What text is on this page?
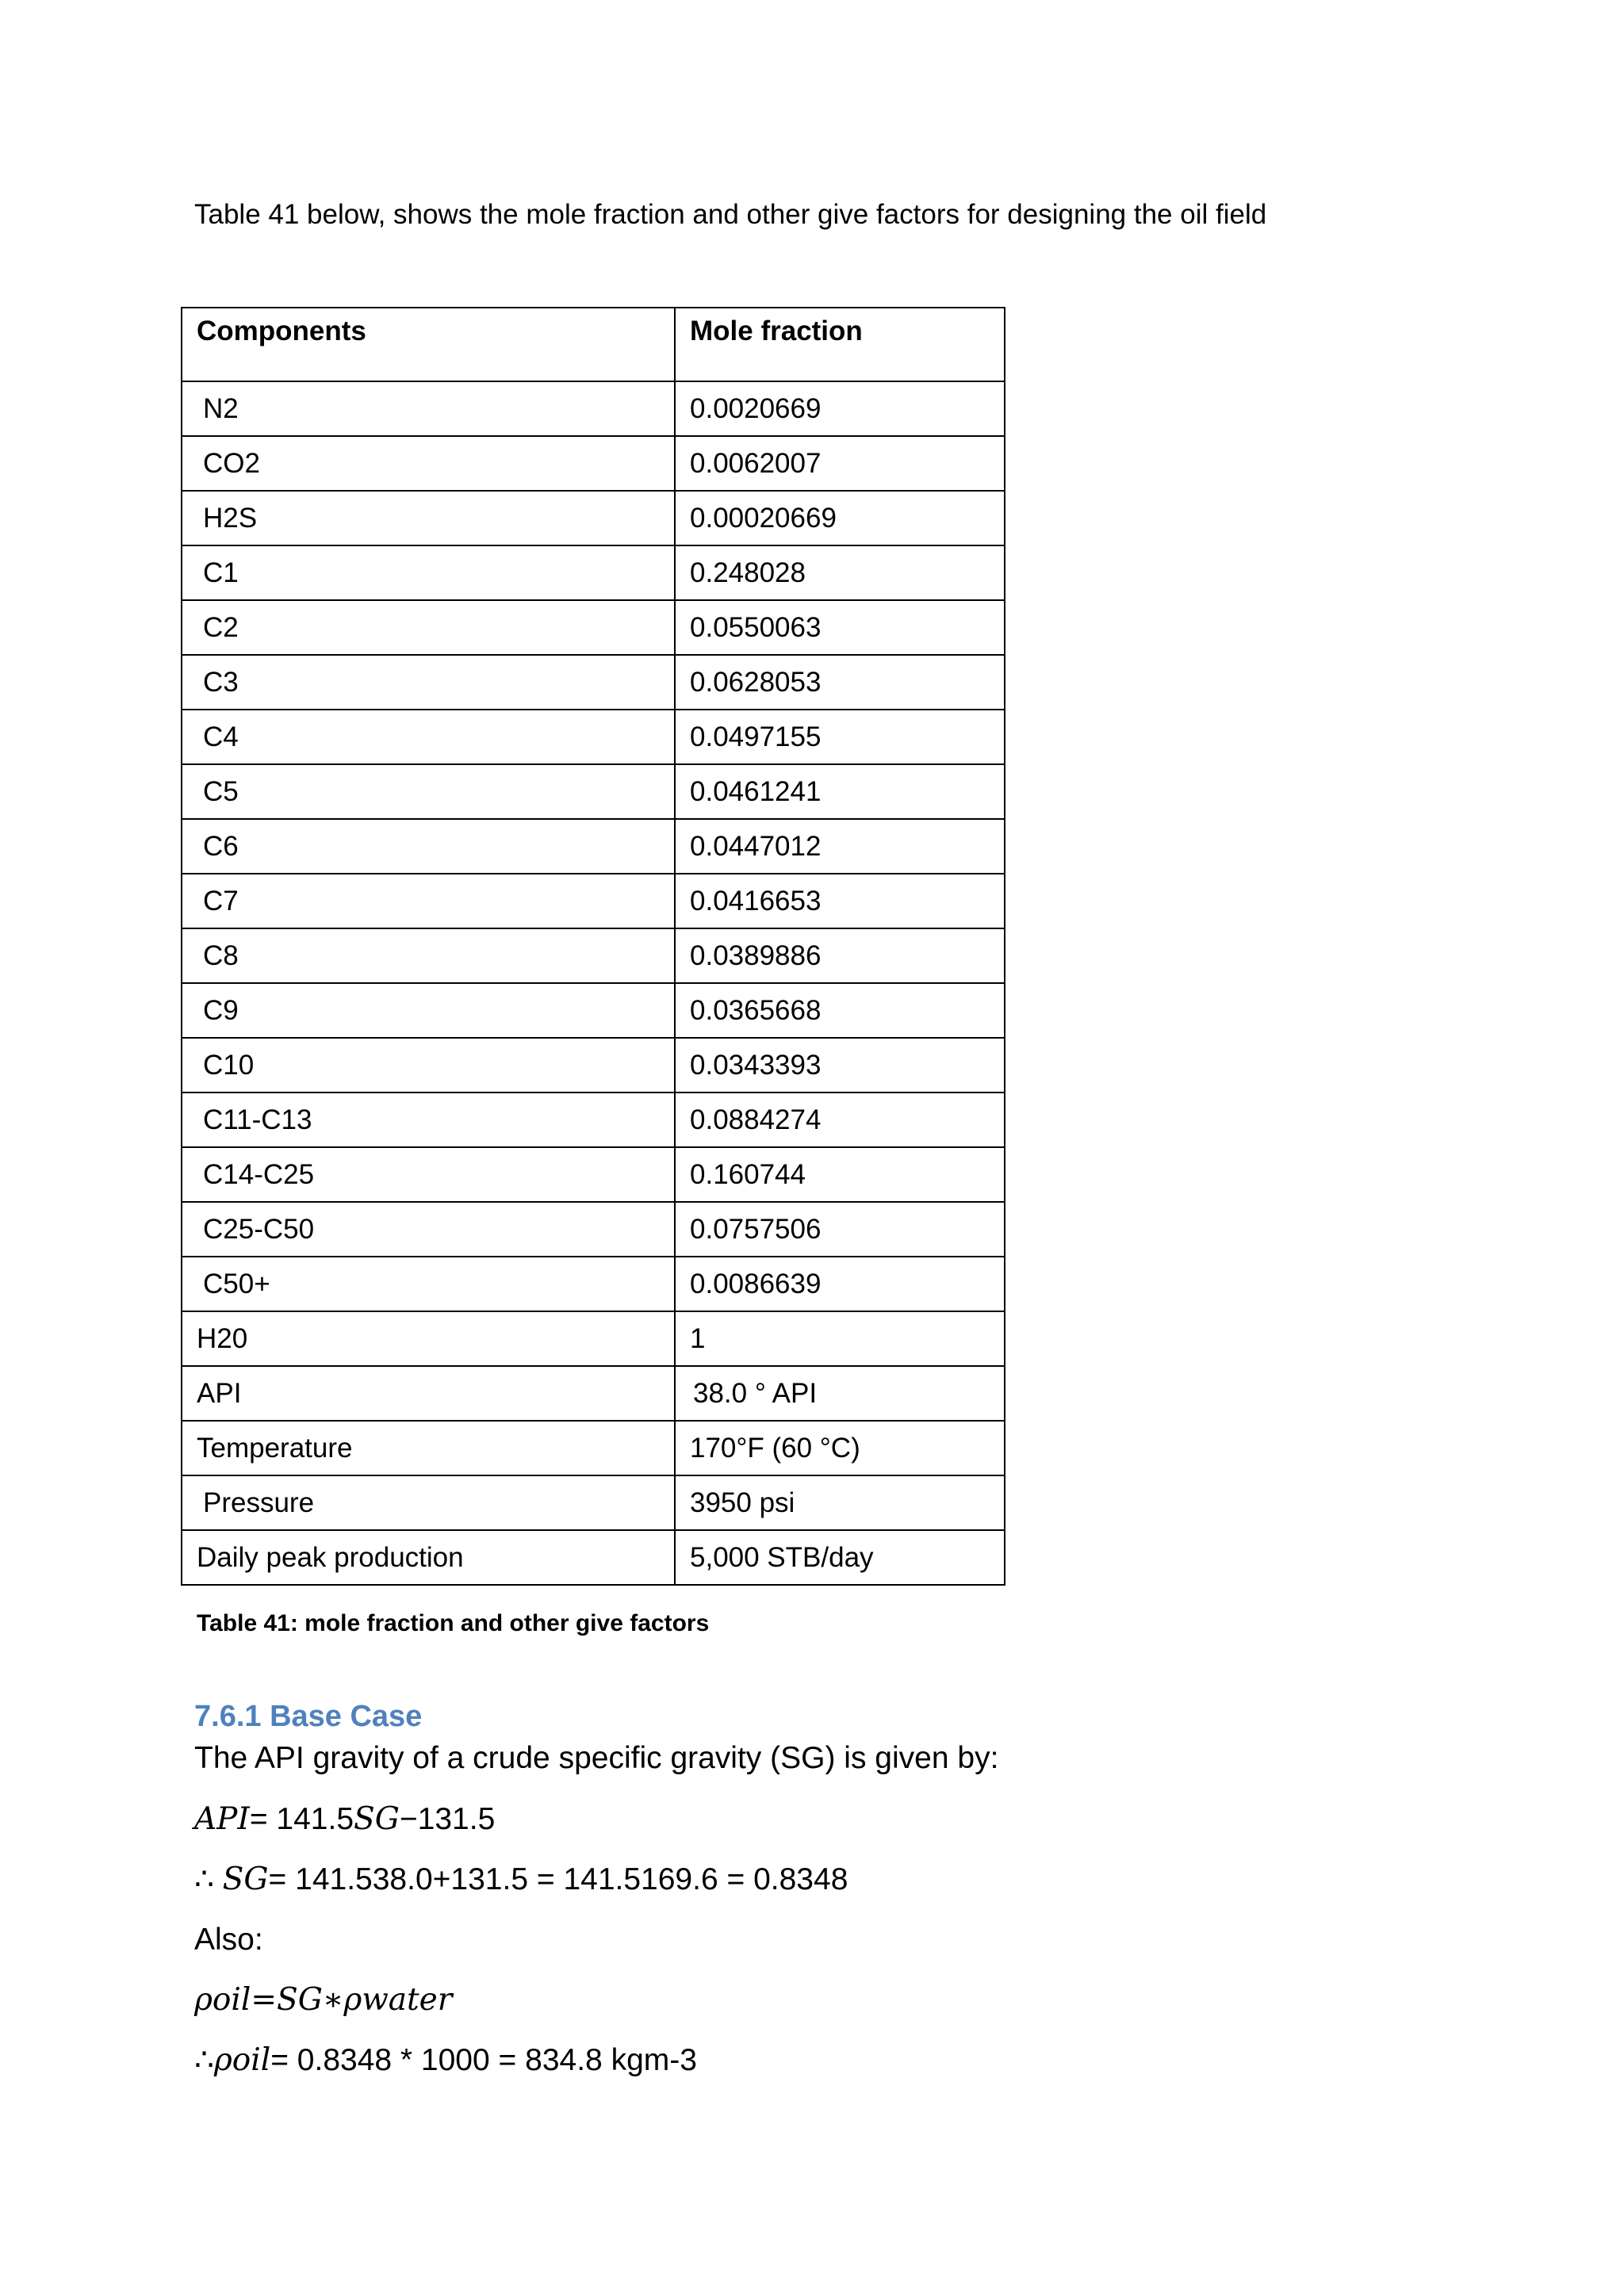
Table 41 below, shows the mole fraction and other give factors for designing the oil field
Components	Mole fraction
N2	0.0020669
CO2	0.0062007
H2S	0.00020669
C1	0.248028
C2	0.0550063
C3	0.0628053
C4	0.0497155
C5	0.0461241
C6	0.0447012
C7	0.0416653
C8	0.0389886
C9	0.0365668
C10	0.0343393
C11-C13	0.0884274
C14-C25	0.160744
C25-C50	0.0757506
C50+	0.0086639
H20	1
API	38.0 ° API
Temperature	170°F (60 °C)
Pressure	3950 psi
Daily peak production	5,000 STB/day
Table 41: mole fraction and other give factors
7.6.1 Base Case
The API gravity of a crude specific gravity (SG) is given by:
API= 141.5SG−131.5
∴ SG= 141.538.0+131.5 = 141.5169.6 = 0.8348
Also:
ρoil=SG∗ρwater
∴ρoil= 0.8348 * 1000 = 834.8 kgm-3
